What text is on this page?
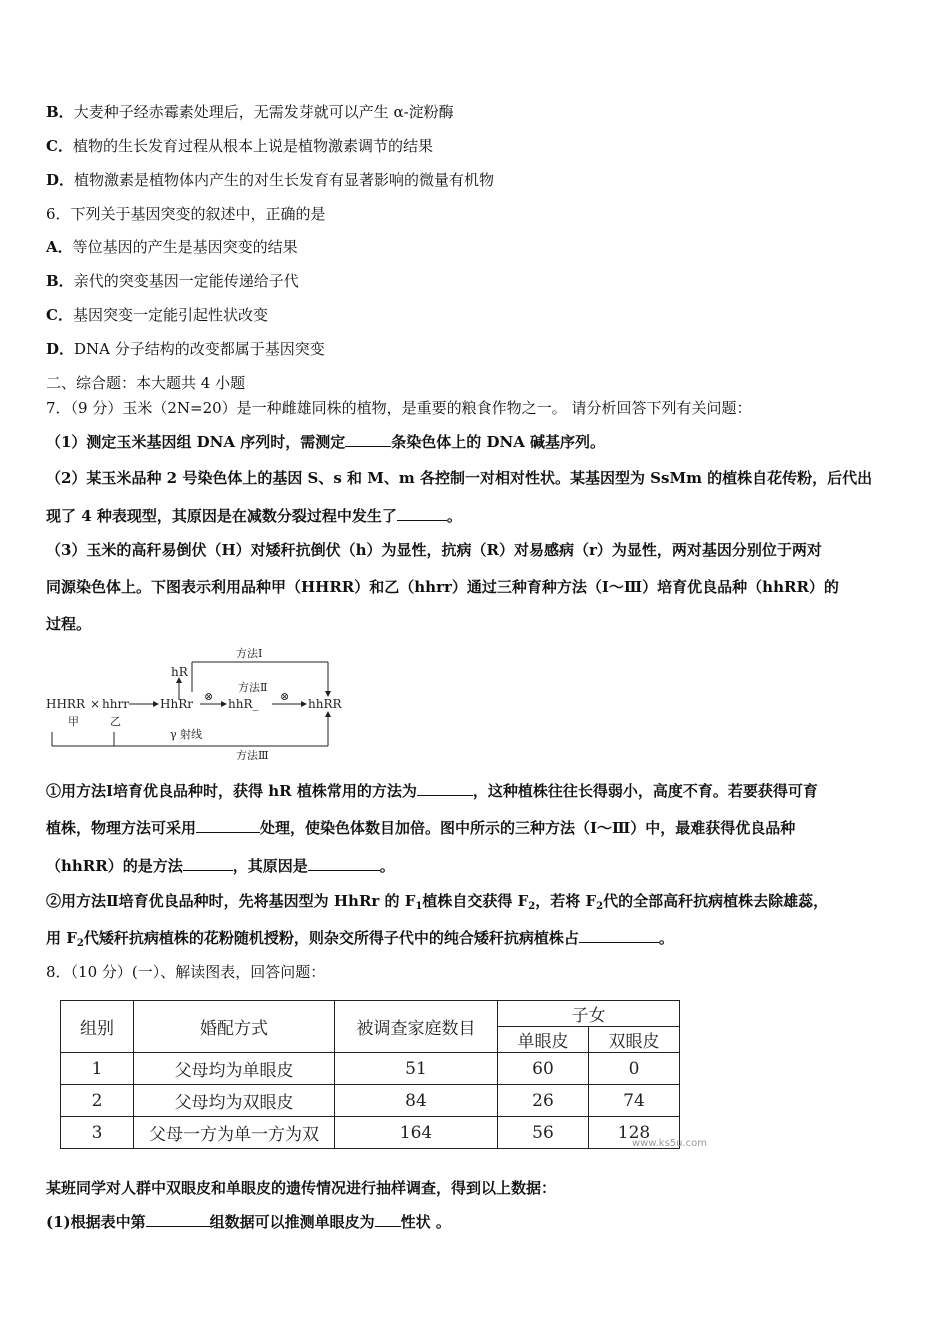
B．大麦种子经赤霉素处理后，无需发芽就可以产生 α-淀粉酶
C．植物的生长发育过程从根本上说是植物激素调节的结果
D．植物激素是植物体内产生的对生长发育有显著影响的微量有机物
6．下列关于基因突变的叙述中，正确的是
A．等位基因的产生是基因突变的结果
B．亲代的突变基因一定能传递给子代
C．基因突变一定能引起性状改变
D．DNA 分子结构的改变都属于基因突变
二、综合题：本大题共 4 小题
7．（9 分）玉米（2N=20）是一种雌雄同株的植物，是重要的粮食作物之一。 请分析回答下列有关问题：
（1）测定玉米基因组 DNA 序列时，需测定	条染色体上的 DNA 碱基序列。
（2）某玉米品种 2 号染色体上的基因 S、s 和 M、m 各控制一对相对性状。某基因型为 SsMm 的植株自花传粉，后代出
现了 4 种表现型，其原因是在减数分裂过程中发生了	。
（3）玉米的高秆易倒伏（H）对矮秆抗倒伏（h）为显性，抗病（R）对易感病（r）为显性，两对基因分别位于两对
同源染色体上。下图表示利用品种甲（HHRR）和乙（hhrr）通过三种育种方法（Ⅰ～Ⅲ）培育优良品种（hhRR）的
过程。
方法Ⅰ
hR
方法Ⅱ
⊗	⊗
HHRR × hhrr	HhRr	hhR_	hhRR
甲	乙
γ 射线
方法Ⅲ
①用方法Ⅰ培育优良品种时，获得 hR 植株常用的方法为	，这种植株往往长得弱小，高度不育。若要获得可育
植株，物理方法可采用	处理，使染色体数目加倍。图中所示的三种方法（Ⅰ～Ⅲ）中，最难获得优良品种
（hhRR）的是方法	，其原因是	。
②用方法Ⅱ培育优良品种时，先将基因型为 HhRr 的 $F_1$植株自交获得 $F_2$，若将 $F_2$代的全部高秆抗病植株去除雄蕊，
用 $F_2$代矮秆抗病植株的花粉随机授粉，则杂交所得子代中的纯合矮秆抗病植株占	。
8．（10 分）(一）、解读图表，回答问题：
组别	婚配方式	被调查家庭数目	子女	
			单眼皮	双眼皮
1	父母均为单眼皮	51	60	0
2	父母均为双眼皮	84	26	74
3	父母一方为单一方为双	164	56	128
www.ks5u.com
某班同学对人群中双眼皮和单眼皮的遗传情况进行抽样调查，得到以上数据：
(1)根据表中第	组数据可以推测单眼皮为 性状 。
